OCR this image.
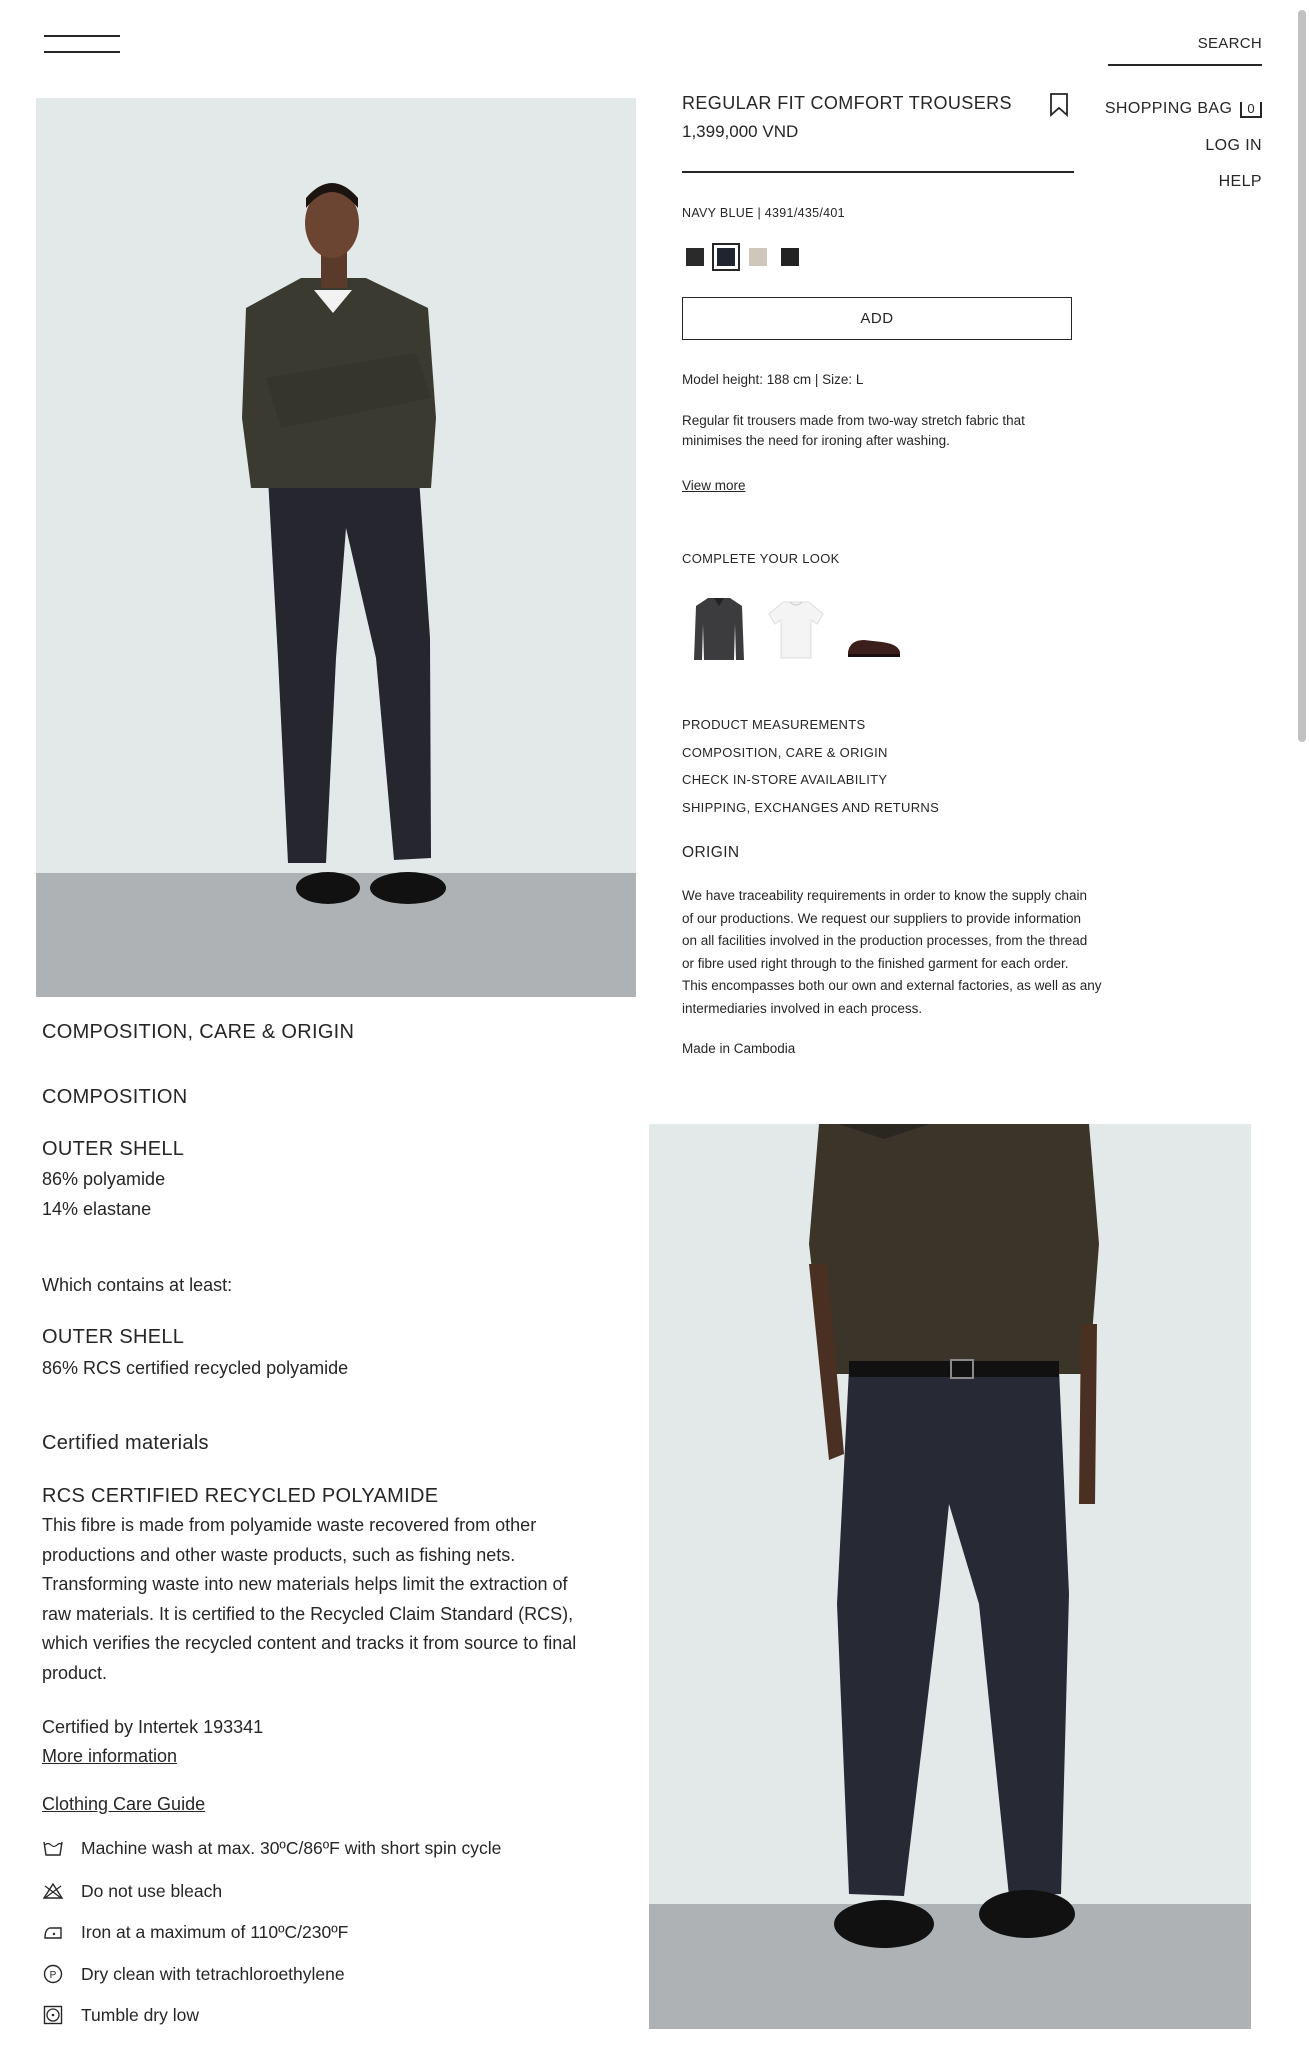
SEARCH
SHOPPING BAG 0
LOG IN
HELP
REGULAR FIT COMFORT TROUSERS
1,399,000 VND
NAVY BLUE | 4391/435/401
ADD
Model height: 188 cm | Size: L
Regular fit trousers made from two-way stretch fabric that
minimises the need for ironing after washing.
View more
COMPLETE YOUR LOOK
PRODUCT MEASUREMENTS
COMPOSITION, CARE & ORIGIN
CHECK IN-STORE AVAILABILITY
SHIPPING, EXCHANGES AND RETURNS
ORIGIN
We have traceability requirements in order to know the supply chain
of our productions. We request our suppliers to provide information
on all facilities involved in the production processes, from the thread
or fibre used right through to the finished garment for each order.
This encompasses both our own and external factories, as well as any
intermediaries involved in each process.
Made in Cambodia
COMPOSITION, CARE & ORIGIN
COMPOSITION
OUTER SHELL
86% polyamide
14% elastane
Which contains at least:
OUTER SHELL
86% RCS certified recycled polyamide
Certified materials
RCS CERTIFIED RECYCLED POLYAMIDE
This fibre is made from polyamide waste recovered from other
productions and other waste products, such as fishing nets.
Transforming waste into new materials helps limit the extraction of
raw materials. It is certified to the Recycled Claim Standard (RCS),
which verifies the recycled content and tracks it from source to final
product.
Certified by Intertek 193341
More information
Clothing Care Guide
Machine wash at max. 30ºC/86ºF with short spin cycle
Do not use bleach
Iron at a maximum of 110ºC/230ºF
P Dry clean with tetrachloroethylene
Tumble dry low
